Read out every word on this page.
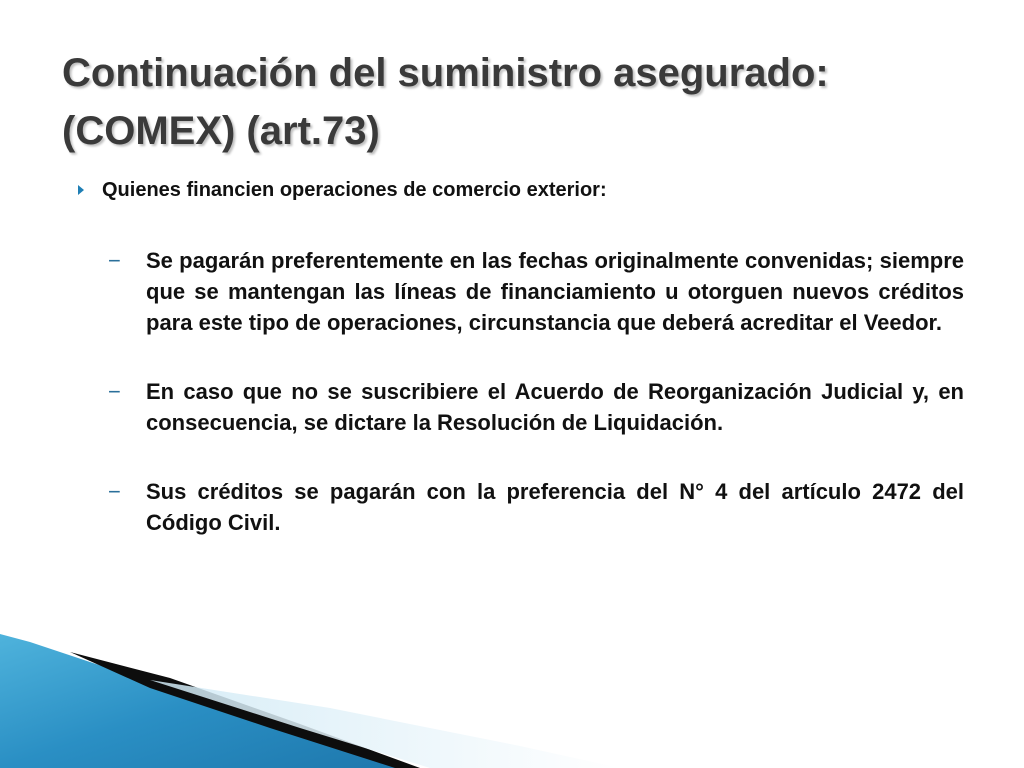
Continuación del suministro asegurado:
(COMEX) (art.73)
Quienes financien operaciones de comercio exterior:
− Se pagarán preferentemente en las fechas originalmente convenidas; siempre que se mantengan las líneas de financiamiento u otorguen nuevos créditos para este tipo de operaciones, circunstancia que deberá acreditar el Veedor.
− En caso que no se suscribiere el Acuerdo de Reorganización Judicial y, en consecuencia, se dictare la Resolución de Liquidación.
− Sus créditos se pagarán con la preferencia del N° 4 del artículo 2472 del Código Civil.
